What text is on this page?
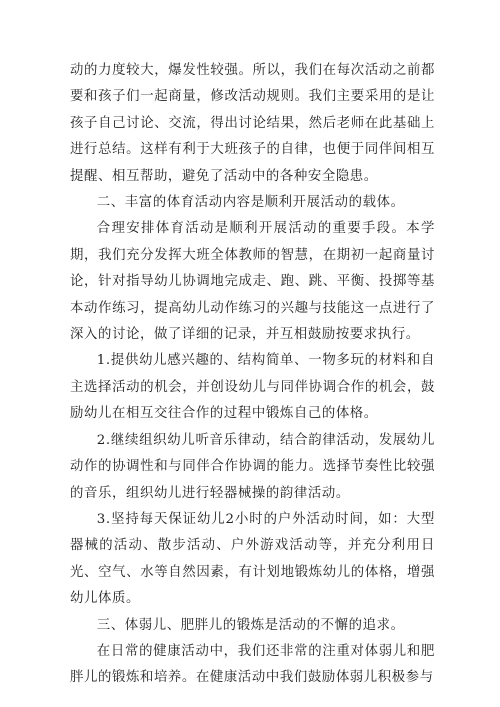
动的力度较大，爆发性较强。所以，我们在每次活动之前都要和孩子们一起商量，修改活动规则。我们主要采用的是让孩子自己讨论、交流，得出讨论结果，然后老师在此基础上进行总结。这样有利于大班孩子的自律，也便于同伴间相互提醒、相互帮助，避免了活动中的各种安全隐患。

二、丰富的体育活动内容是顺利开展活动的载体。

合理安排体育活动是顺利开展活动的重要手段。本学期，我们充分发挥大班全体教师的智慧，在期初一起商量讨论，针对指导幼儿协调地完成走、跑、跳、平衡、投掷等基本动作练习，提高幼儿动作练习的兴趣与技能这一点进行了深入的讨论，做了详细的记录，并互相鼓励按要求执行。

1.提供幼儿感兴趣的、结构简单、一物多玩的材料和自主选择活动的机会，并创设幼儿与同伴协调合作的机会，鼓励幼儿在相互交往合作的过程中锻炼自己的体格。

2.继续组织幼儿听音乐律动，结合韵律活动，发展幼儿动作的协调性和与同伴合作协调的能力。选择节奏性比较强的音乐，组织幼儿进行轻器械操的韵律活动。

3.坚持每天保证幼儿2小时的户外活动时间，如：大型器械的活动、散步活动、户外游戏活动等，并充分利用日光、空气、水等自然因素，有计划地锻炼幼儿的体格，增强幼儿体质。

三、体弱儿、肥胖儿的锻炼是活动的不懈的追求。

在日常的健康活动中，我们还非常的注重对体弱儿和肥胖儿的锻炼和培养。在健康活动中我们鼓励体弱儿积极参与
